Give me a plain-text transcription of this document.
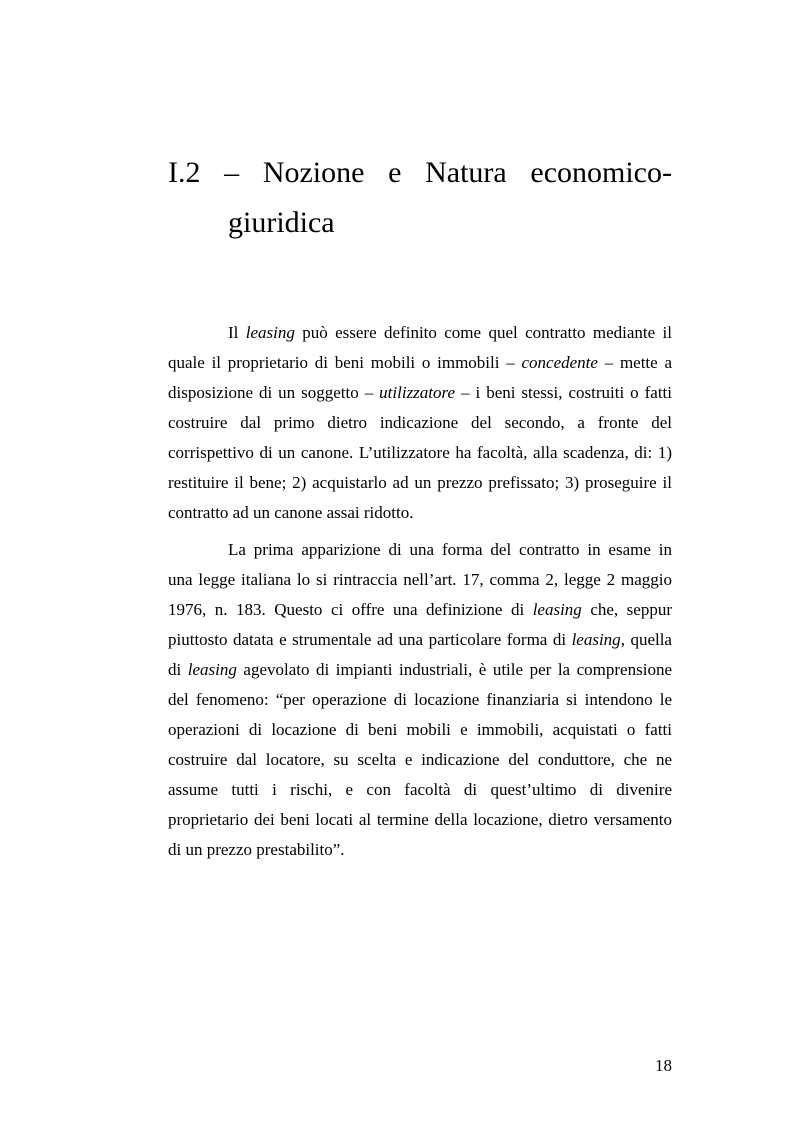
I.2 – Nozione e Natura economico-
giuridica
Il leasing può essere definito come quel contratto mediante il
quale il proprietario di beni mobili o immobili – concedente – mette a
disposizione di un soggetto – utilizzatore – i beni stessi, costruiti o fatti
costruire dal primo dietro indicazione del secondo, a fronte del
corrispettivo di un canone. L’utilizzatore ha facoltà, alla scadenza, di: 1)
restituire il bene; 2) acquistarlo ad un prezzo prefissato; 3) proseguire il
contratto ad un canone assai ridotto.
La prima apparizione di una forma del contratto in esame in
una legge italiana lo si rintraccia nell’art. 17, comma 2, legge 2 maggio
1976, n. 183. Questo ci offre una definizione di leasing che, seppur
piuttosto datata e strumentale ad una particolare forma di leasing, quella
di leasing agevolato di impianti industriali, è utile per la comprensione
del fenomeno: “per operazione di locazione finanziaria si intendono le
operazioni di locazione di beni mobili e immobili, acquistati o fatti
costruire dal locatore, su scelta e indicazione del conduttore, che ne
assume tutti i rischi, e con facoltà di quest’ultimo di divenire
proprietario dei beni locati al termine della locazione, dietro versamento
di un prezzo prestabilito”.
18
